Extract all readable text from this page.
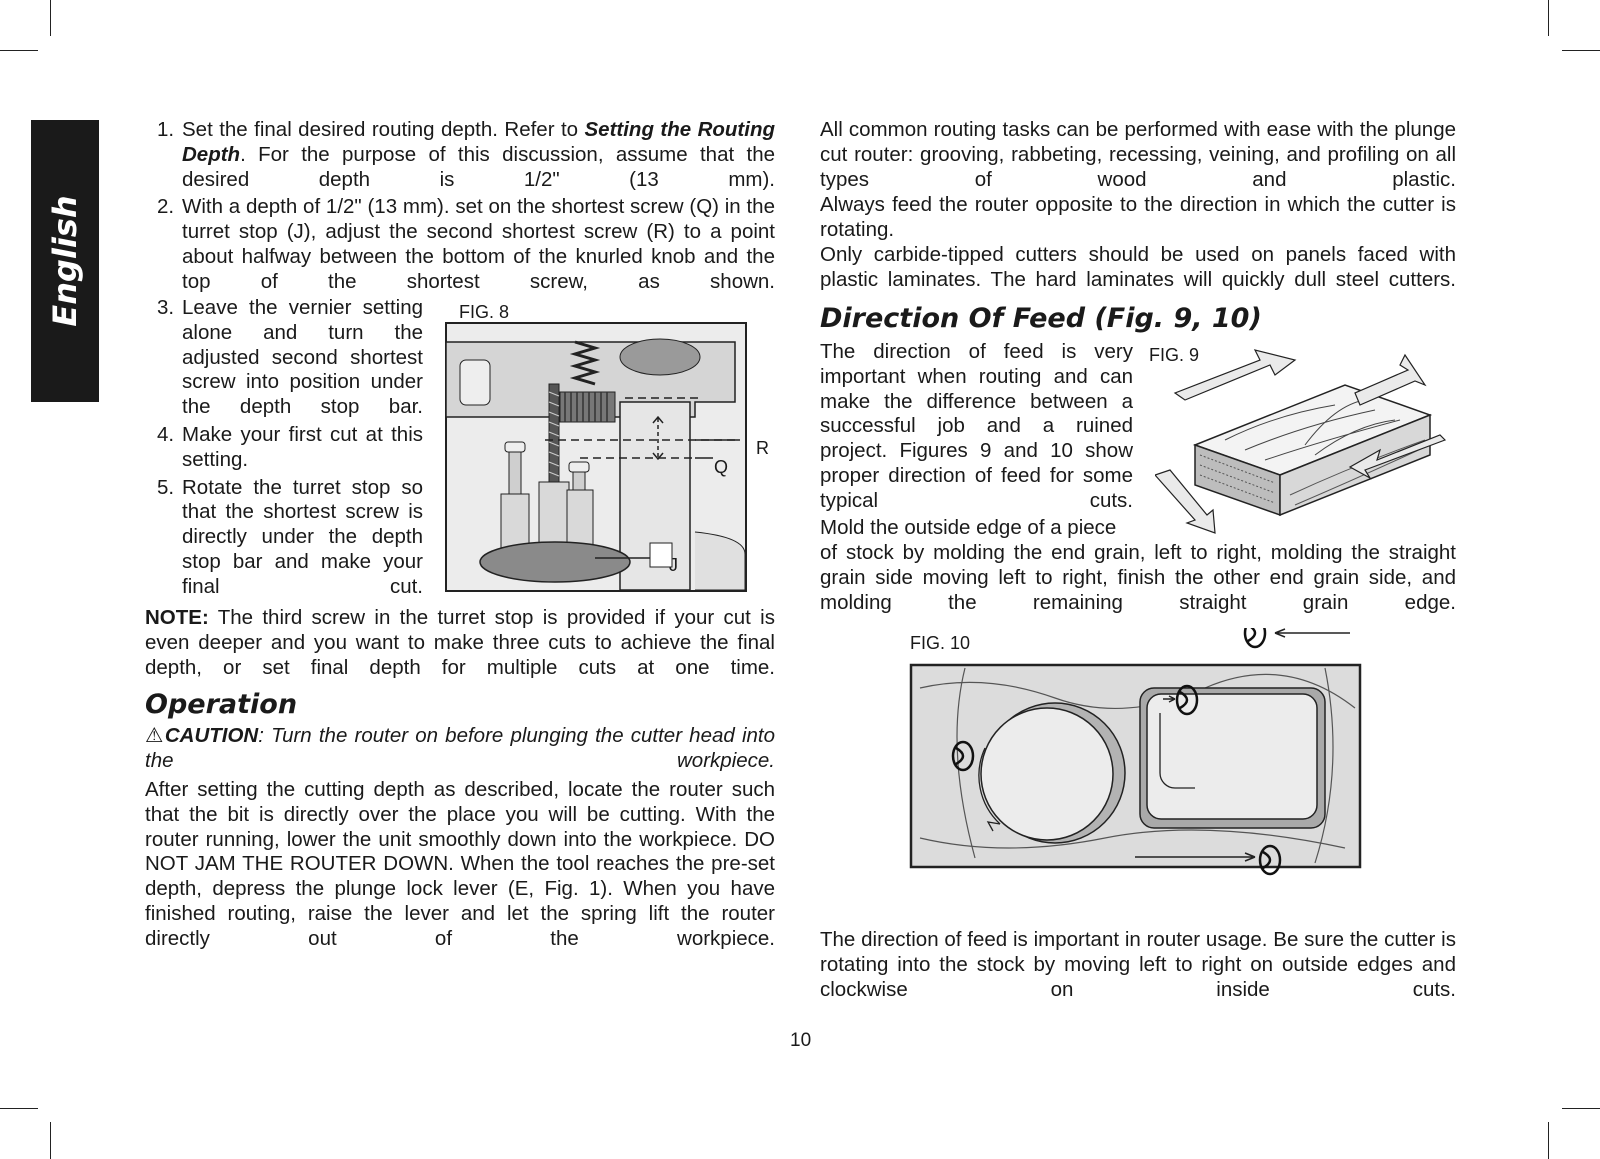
English
1. Set the final desired routing depth. Refer to Setting the Routing Depth. For the purpose of this discussion, assume that the desired depth is 1/2" (13 mm).
2. With a depth of 1/2" (13 mm). set on the shortest screw (Q) in the turret stop (J), adjust the second shortest screw (R) to a point about halfway between the bottom of the knurled knob and the top of the shortest screw, as shown.
3. Leave the vernier setting alone and turn the adjusted second shortest screw into position under the depth stop bar.
4. Make your first cut at this setting.
5. Rotate the turret stop so that the shortest screw is directly under the depth stop bar and make your final cut.
FIG. 8
R
Q
J

NOTE: The third screw in the turret stop is provided if your cut is even deeper and you want to make three cuts to achieve the final depth, or set final depth for multiple cuts at one time.

Operation

⚠CAUTION: Turn the router on before plunging the cutter head into the workpiece.

After setting the cutting depth as described, locate the router such that the bit is directly over the place you will be cutting. With the router running, lower the unit smoothly down into the workpiece. DO NOT JAM THE ROUTER DOWN. When the tool reaches the pre-set depth, depress the plunge lock lever (E, Fig. 1). When you have finished routing, raise the lever and let the spring lift the router directly out of the workpiece.

All common routing tasks can be performed with ease with the plunge cut router: grooving, rabbeting, recessing, veining, and profiling on all types of wood and plastic.

Always feed the router opposite to the direction in which the cutter is rotating.

Only carbide-tipped cutters should be used on panels faced with plastic laminates. The hard laminates will quickly dull steel cutters.

Direction Of Feed (Fig. 9, 10)

The direction of feed is very important when routing and can make the difference between a successful job and a ruined project. Figures 9 and 10 show proper direction of feed for some typical cuts.

Mold the outside edge of a piece

of stock by molding the end grain, left to right, molding the straight grain side moving left to right, finish the other end grain side, and molding the remaining straight grain edge.

FIG. 9
FIG. 10

The direction of feed is important in router usage. Be sure the cutter is rotating into the stock by moving left to right on outside edges and clockwise on inside cuts.

10
